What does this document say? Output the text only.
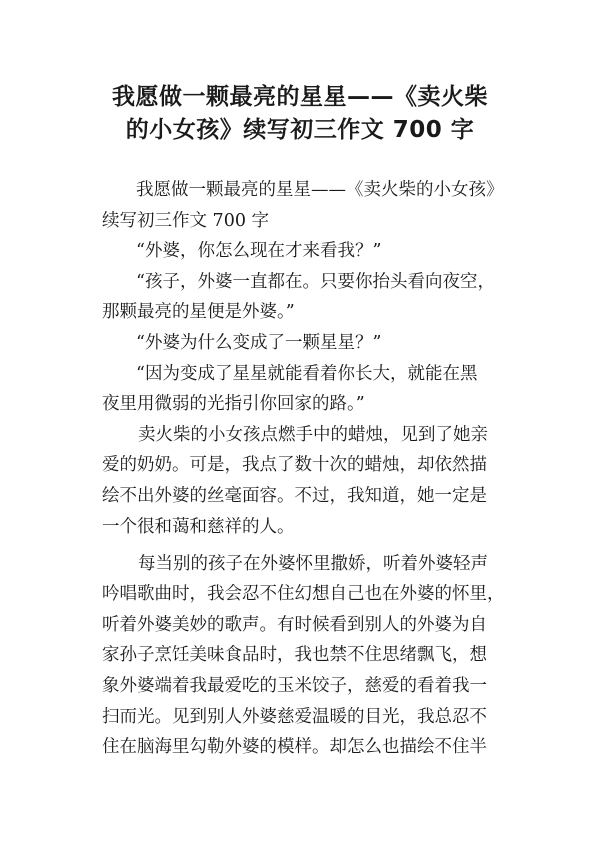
我愿做一颗最亮的星星——《卖火柴
的小女孩》续写初三作文 700 字
我愿做一颗最亮的星星——《卖火柴的小女孩》
续写初三作文 700 字
“外婆，你怎么现在才来看我？”
“孩子，外婆一直都在。只要你抬头看向夜空，
那颗最亮的星便是外婆。”
“外婆为什么变成了一颗星星？”
“因为变成了星星就能看着你长大，就能在黑
夜里用微弱的光指引你回家的路。”
卖火柴的小女孩点燃手中的蜡烛，见到了她亲
爱的奶奶。可是，我点了数十次的蜡烛，却依然描
绘不出外婆的丝毫面容。不过，我知道，她一定是
一个很和蔼和慈祥的人。
每当别的孩子在外婆怀里撒娇，听着外婆轻声
吟唱歌曲时，我会忍不住幻想自己也在外婆的怀里，
听着外婆美妙的歌声。有时候看到别人的外婆为自
家孙子烹饪美味食品时，我也禁不住思绪飘飞，想
象外婆端着我最爱吃的玉米饺子，慈爱的看着我一
扫而光。见到别人外婆慈爱温暖的目光，我总忍不
住在脑海里勾勒外婆的模样。却怎么也描绘不住半
